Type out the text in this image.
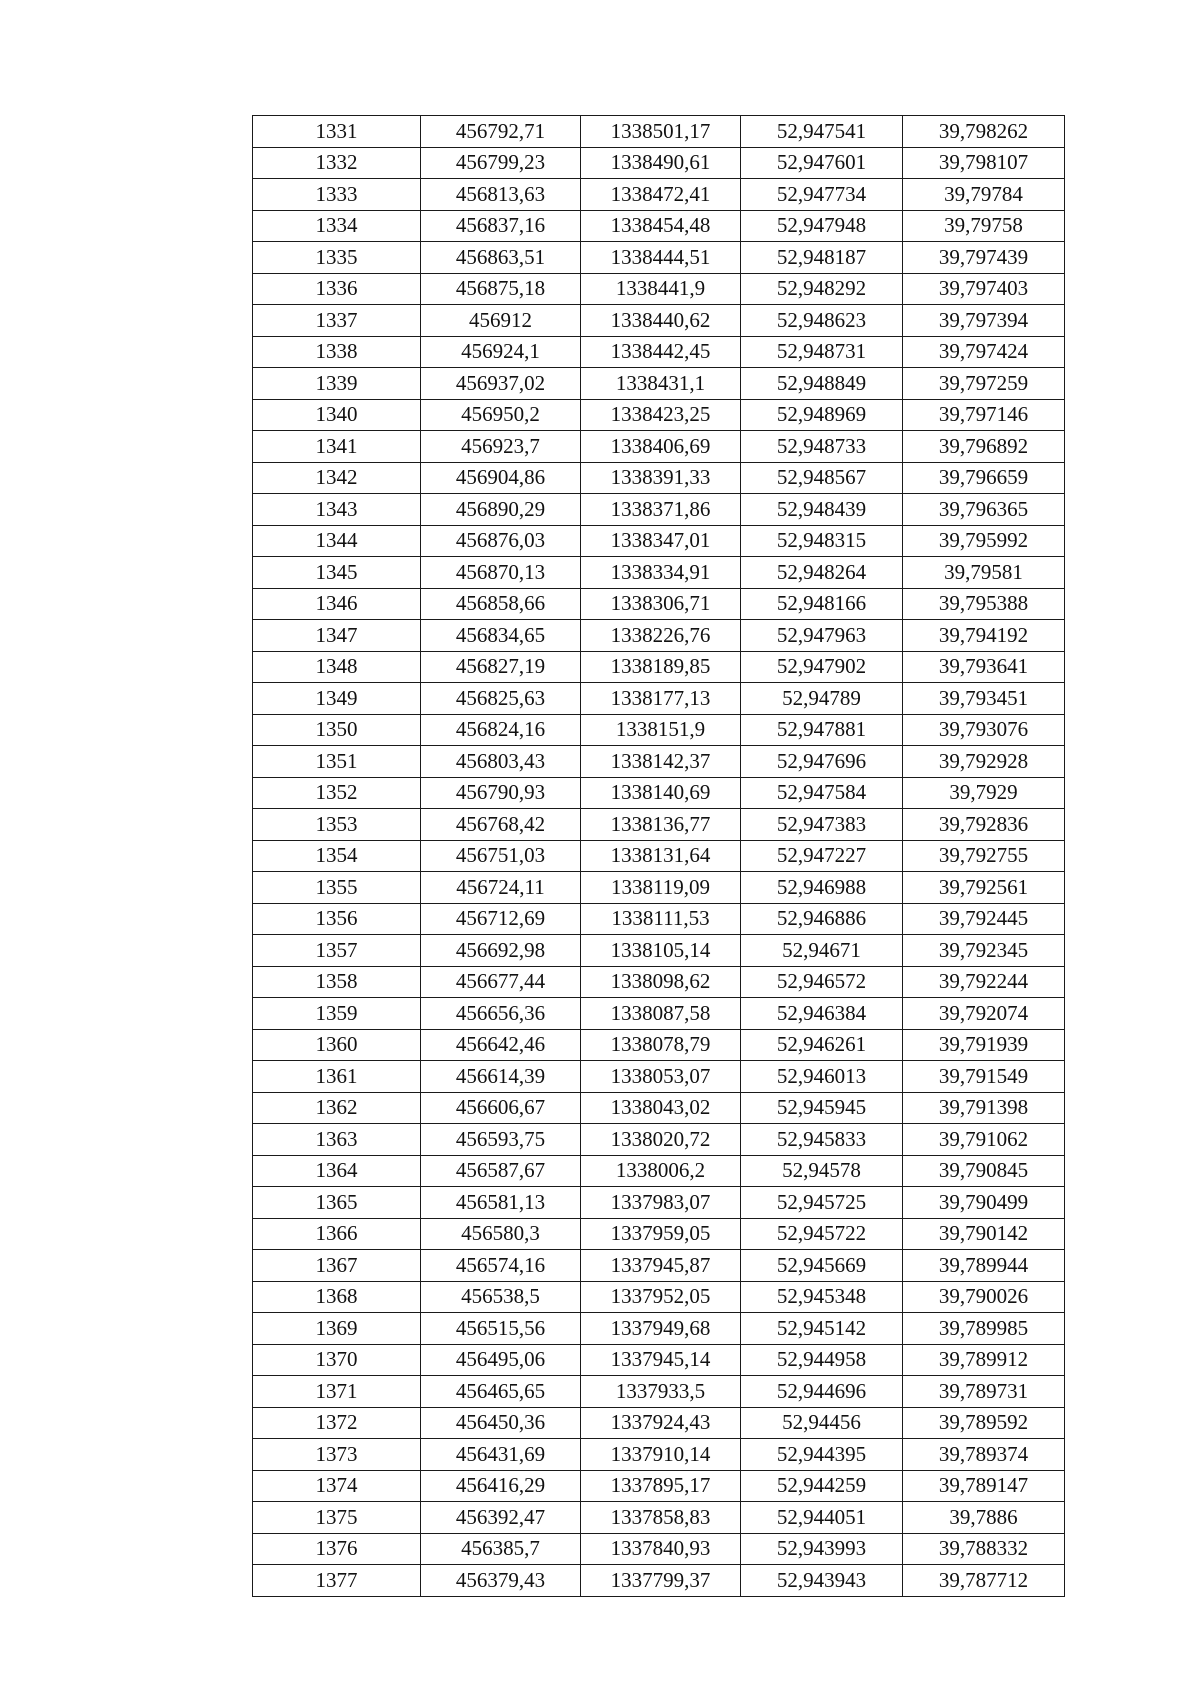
1331	456792,71	1338501,17	52,947541	39,798262
1332	456799,23	1338490,61	52,947601	39,798107
1333	456813,63	1338472,41	52,947734	39,79784
1334	456837,16	1338454,48	52,947948	39,79758
1335	456863,51	1338444,51	52,948187	39,797439
1336	456875,18	1338441,9	52,948292	39,797403
1337	456912	1338440,62	52,948623	39,797394
1338	456924,1	1338442,45	52,948731	39,797424
1339	456937,02	1338431,1	52,948849	39,797259
1340	456950,2	1338423,25	52,948969	39,797146
1341	456923,7	1338406,69	52,948733	39,796892
1342	456904,86	1338391,33	52,948567	39,796659
1343	456890,29	1338371,86	52,948439	39,796365
1344	456876,03	1338347,01	52,948315	39,795992
1345	456870,13	1338334,91	52,948264	39,79581
1346	456858,66	1338306,71	52,948166	39,795388
1347	456834,65	1338226,76	52,947963	39,794192
1348	456827,19	1338189,85	52,947902	39,793641
1349	456825,63	1338177,13	52,94789	39,793451
1350	456824,16	1338151,9	52,947881	39,793076
1351	456803,43	1338142,37	52,947696	39,792928
1352	456790,93	1338140,69	52,947584	39,7929
1353	456768,42	1338136,77	52,947383	39,792836
1354	456751,03	1338131,64	52,947227	39,792755
1355	456724,11	1338119,09	52,946988	39,792561
1356	456712,69	1338111,53	52,946886	39,792445
1357	456692,98	1338105,14	52,94671	39,792345
1358	456677,44	1338098,62	52,946572	39,792244
1359	456656,36	1338087,58	52,946384	39,792074
1360	456642,46	1338078,79	52,946261	39,791939
1361	456614,39	1338053,07	52,946013	39,791549
1362	456606,67	1338043,02	52,945945	39,791398
1363	456593,75	1338020,72	52,945833	39,791062
1364	456587,67	1338006,2	52,94578	39,790845
1365	456581,13	1337983,07	52,945725	39,790499
1366	456580,3	1337959,05	52,945722	39,790142
1367	456574,16	1337945,87	52,945669	39,789944
1368	456538,5	1337952,05	52,945348	39,790026
1369	456515,56	1337949,68	52,945142	39,789985
1370	456495,06	1337945,14	52,944958	39,789912
1371	456465,65	1337933,5	52,944696	39,789731
1372	456450,36	1337924,43	52,94456	39,789592
1373	456431,69	1337910,14	52,944395	39,789374
1374	456416,29	1337895,17	52,944259	39,789147
1375	456392,47	1337858,83	52,944051	39,7886
1376	456385,7	1337840,93	52,943993	39,788332
1377	456379,43	1337799,37	52,943943	39,787712
